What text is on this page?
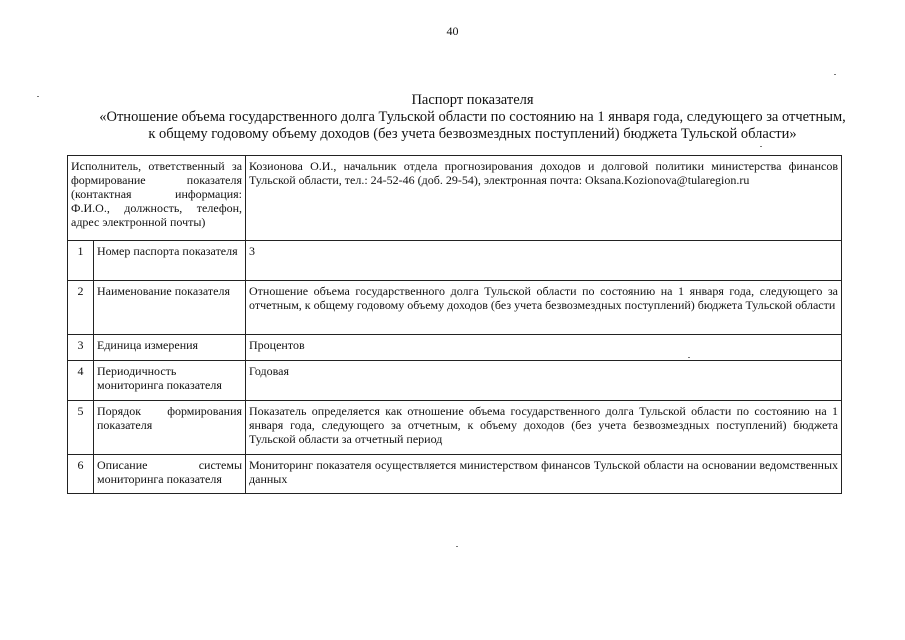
40
Паспорт показателя
«Отношение объема государственного долга Тульской области по состоянию на 1 января года, следующего за отчетным,
к общему годовому объему доходов (без учета безвозмездных поступлений) бюджета Тульской области»
Исполнитель, ответственный за формирование показателя (контактная информация: Ф.И.О., должность, телефон, адрес электронной почты)		Козионова О.И., начальник отдела прогнозирования доходов и долговой политики министерства финансов Тульской области, тел.: 24-52-46 (доб. 29-54), электронная почта: Oksana.Kozionova@tularegion.ru
1	Номер паспорта показателя	3
2	Наименование показателя	Отношение объема государственного долга Тульской области по состоянию на 1 января года, следующего за отчетным, к общему годовому объему доходов (без учета безвозмездных поступлений) бюджета Тульской области
3	Единица измерения	Процентов
4	Периодичность мониторинга показателя	Годовая
5	Порядок формирования показателя	Показатель определяется как отношение объема государственного долга Тульской области по состоянию на 1 января года, следующего за отчетным, к объему доходов (без учета безвозмездных поступлений) бюджета Тульской области за отчетный период
6	Описание системы мониторинга показателя	Мониторинг показателя осуществляется министерством финансов Тульской области на основании ведомственных данных
